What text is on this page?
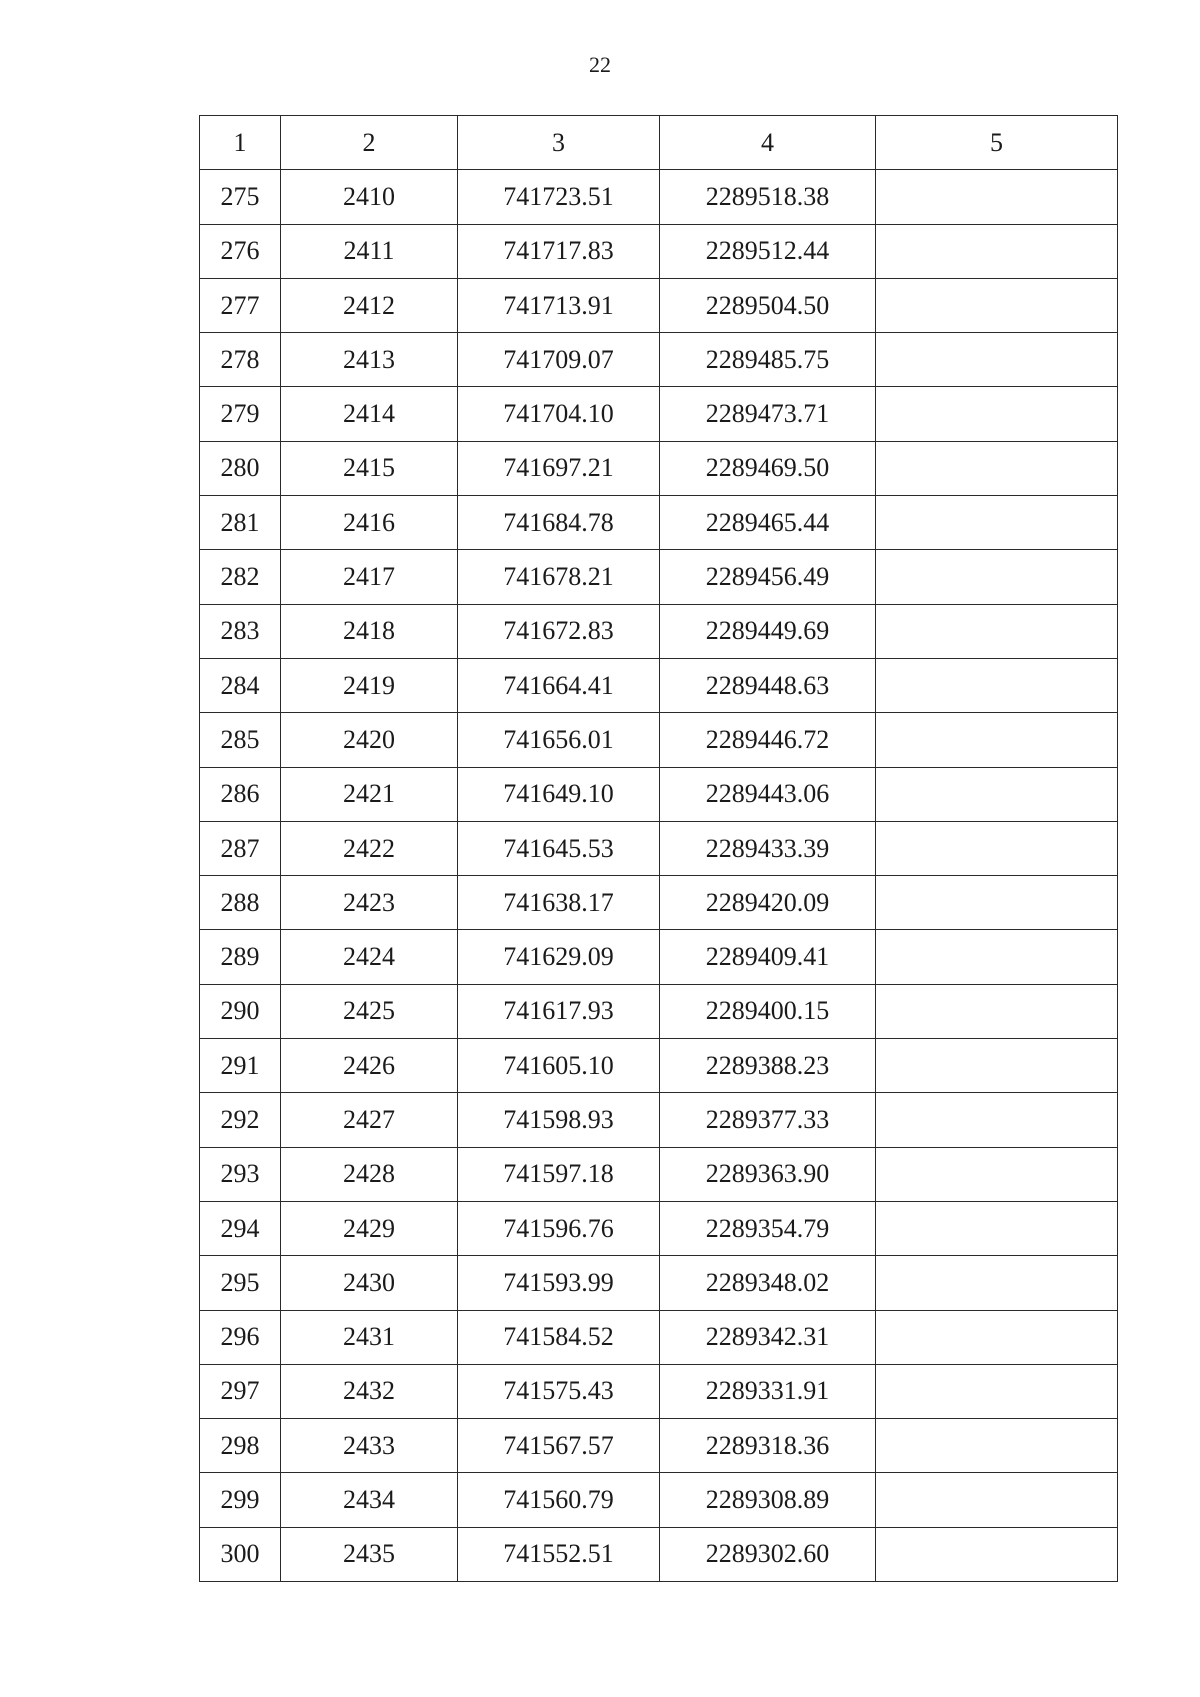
22
1	2	3	4	5
275	2410	741723.51	2289518.38	
276	2411	741717.83	2289512.44	
277	2412	741713.91	2289504.50	
278	2413	741709.07	2289485.75	
279	2414	741704.10	2289473.71	
280	2415	741697.21	2289469.50	
281	2416	741684.78	2289465.44	
282	2417	741678.21	2289456.49	
283	2418	741672.83	2289449.69	
284	2419	741664.41	2289448.63	
285	2420	741656.01	2289446.72	
286	2421	741649.10	2289443.06	
287	2422	741645.53	2289433.39	
288	2423	741638.17	2289420.09	
289	2424	741629.09	2289409.41	
290	2425	741617.93	2289400.15	
291	2426	741605.10	2289388.23	
292	2427	741598.93	2289377.33	
293	2428	741597.18	2289363.90	
294	2429	741596.76	2289354.79	
295	2430	741593.99	2289348.02	
296	2431	741584.52	2289342.31	
297	2432	741575.43	2289331.91	
298	2433	741567.57	2289318.36	
299	2434	741560.79	2289308.89	
300	2435	741552.51	2289302.60	
